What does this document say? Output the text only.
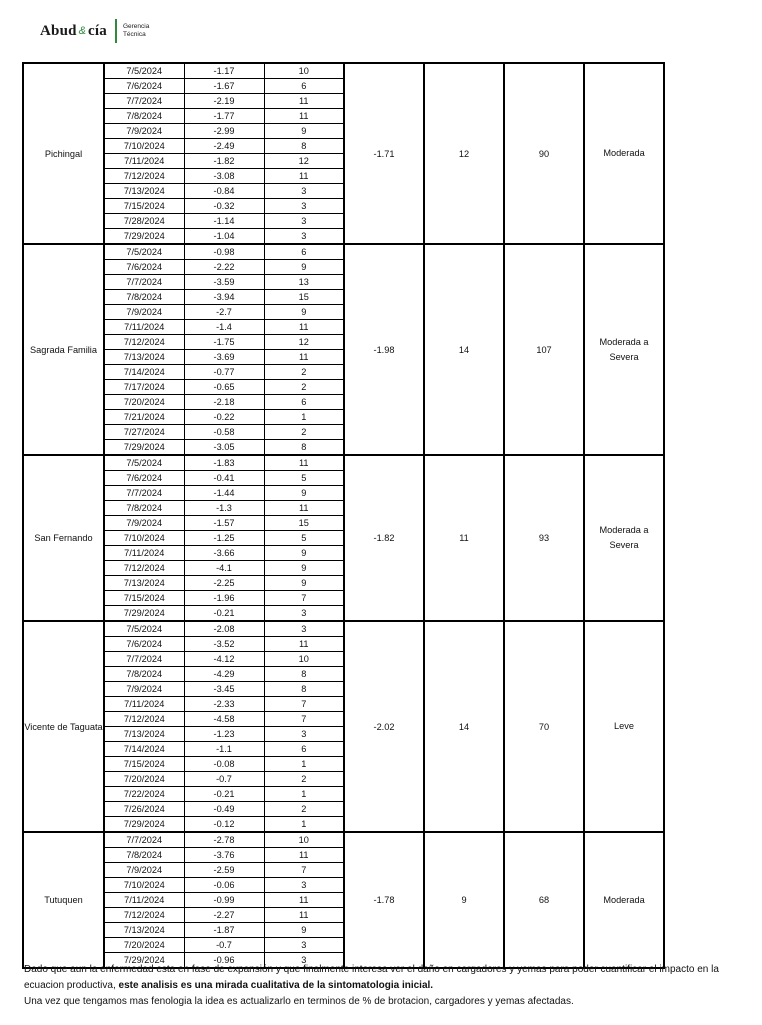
Abud & cía Gerencia
Técnica
Pichingal	7/5/2024	-1.17	10	-1.71	12	90	Moderada
	7/6/2024	-1.67	6				
	7/7/2024	-2.19	11				
	7/8/2024	-1.77	11				
	7/9/2024	-2.99	9				
	7/10/2024	-2.49	8				
	7/11/2024	-1.82	12				
	7/12/2024	-3.08	11				
	7/13/2024	-0.84	3				
	7/15/2024	-0.32	3				
	7/28/2024	-1.14	3				
	7/29/2024	-1.04	3				
Sagrada Familia	7/5/2024	-0.98	6	-1.98	14	107	Moderada a Severa
	7/6/2024	-2.22	9				
	7/7/2024	-3.59	13				
	7/8/2024	-3.94	15				
	7/9/2024	-2.7	9				
	7/11/2024	-1.4	11				
	7/12/2024	-1.75	12				
	7/13/2024	-3.69	11				
	7/14/2024	-0.77	2				
	7/17/2024	-0.65	2				
	7/20/2024	-2.18	6				
	7/21/2024	-0.22	1				
	7/27/2024	-0.58	2				
	7/29/2024	-3.05	8				
San Fernando	7/5/2024	-1.83	11	-1.82	11	93	Moderada a Severa
	7/6/2024	-0.41	5				
	7/7/2024	-1.44	9				
	7/8/2024	-1.3	11				
	7/9/2024	-1.57	15				
	7/10/2024	-1.25	5				
	7/11/2024	-3.66	9				
	7/12/2024	-4.1	9				
	7/13/2024	-2.25	9				
	7/15/2024	-1.96	7				
	7/29/2024	-0.21	3				
Vicente de Taguata	7/5/2024	-2.08	3	-2.02	14	70	Leve
	7/6/2024	-3.52	11				
	7/7/2024	-4.12	10				
	7/8/2024	-4.29	8				
	7/9/2024	-3.45	8				
	7/11/2024	-2.33	7				
	7/12/2024	-4.58	7				
	7/13/2024	-1.23	3				
	7/14/2024	-1.1	6				
	7/15/2024	-0.08	1				
	7/20/2024	-0.7	2				
	7/22/2024	-0.21	1				
	7/26/2024	-0.49	2				
	7/29/2024	-0.12	1				
Tutuquen	7/7/2024	-2.78	10	-1.78	9	68	Moderada
	7/8/2024	-3.76	11				
	7/9/2024	-2.59	7				
	7/10/2024	-0.06	3				
	7/11/2024	-0.99	11				
	7/12/2024	-2.27	11				
	7/13/2024	-1.87	9				
	7/20/2024	-0.7	3				
	7/29/2024	-0.96	3				
Dado que aun la enfermedad esta en fase de expansión y que finalmente interesa ver el daño en cargadores y yemas para poder cuantificar el impacto en la ecuacion productiva, este analisis es una mirada cualitativa de la sintomatologia inicial.
Una vez que tengamos mas fenologia la idea es actualizarlo en terminos de % de brotacion, cargadores y yemas afectadas.
